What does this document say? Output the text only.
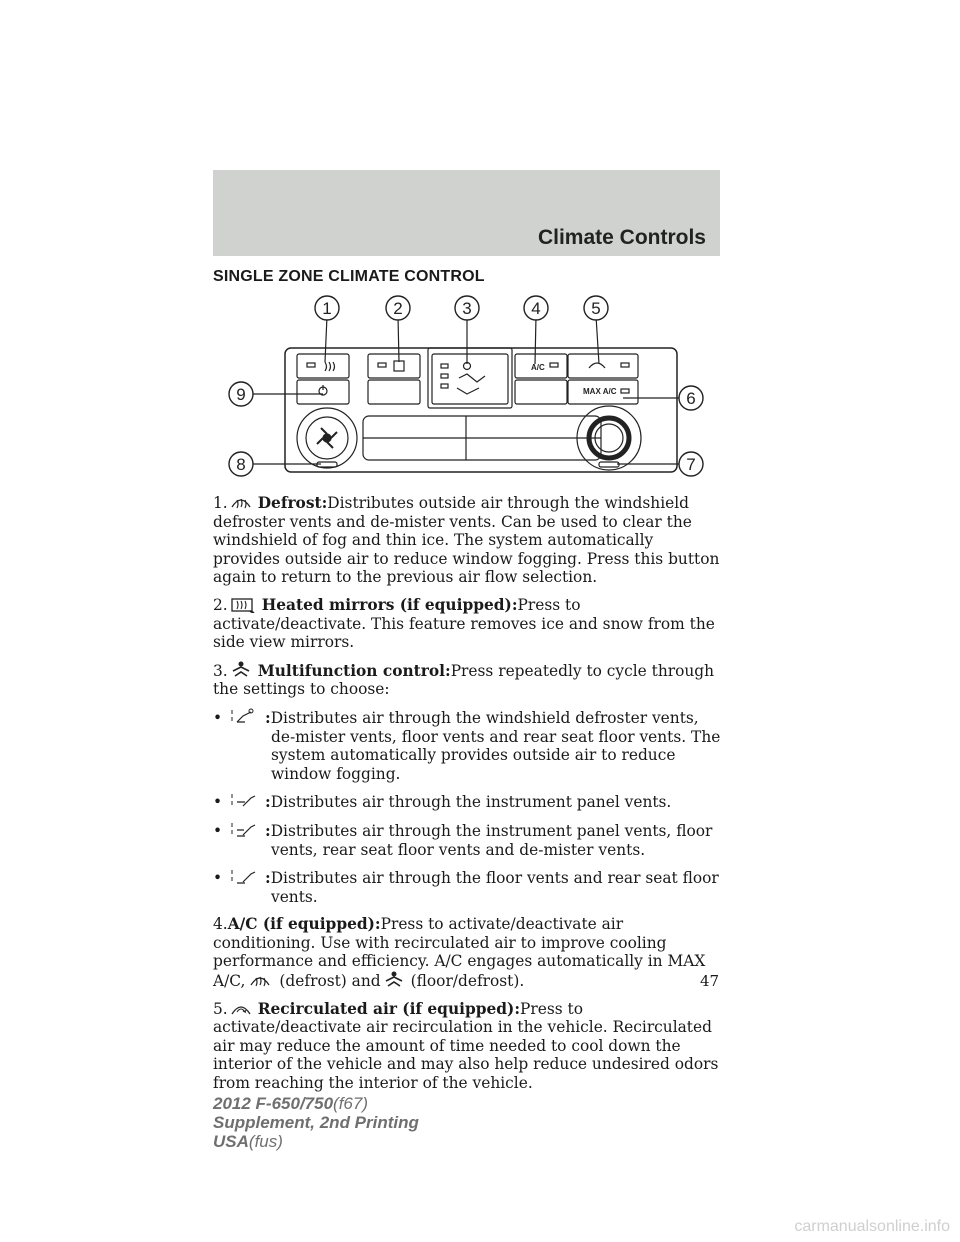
Climate Controls
SINGLE ZONE CLIMATE CONTROL
A/C
MAX A/C
1	2	3	4	5
6
7
8
9

1. Defrost:Distributes outside air through the windshield defroster vents and de-mister vents. Can be used to clear the windshield of fog and thin ice. The system automatically provides outside air to reduce window fogging. Press this button again to return to the previous air flow selection.

2. Heated mirrors (if equipped):Press to activate/deactivate. This feature removes ice and snow from the side view mirrors.

3. Multifunction control:Press repeatedly to cycle through the settings to choose:

•	:Distributes air through the windshield defroster vents, de-mister vents, floor vents and rear seat floor vents. The system automatically provides outside air to reduce window fogging.

•	:Distributes air through the instrument panel vents.

•	:Distributes air through the instrument panel vents, floor vents, rear seat floor vents and de-mister vents.

•	:Distributes air through the floor vents and rear seat floor vents.

4.A/C (if equipped):Press to activate/deactivate air conditioning. Use with recirculated air to improve cooling performance and efficiency. A/C engages automatically in MAX A/C, (defrost) and (floor/defrost).

5. Recirculated air (if equipped):Press to activate/deactivate air recirculation in the vehicle. Recirculated air may reduce the amount of time needed to cool down the interior of the vehicle and may also help reduce undesired odors from reaching the interior of the vehicle.

47
2012 F-650/750(f67)
Supplement, 2nd Printing
USA(fus)
carmanualsonline.info
